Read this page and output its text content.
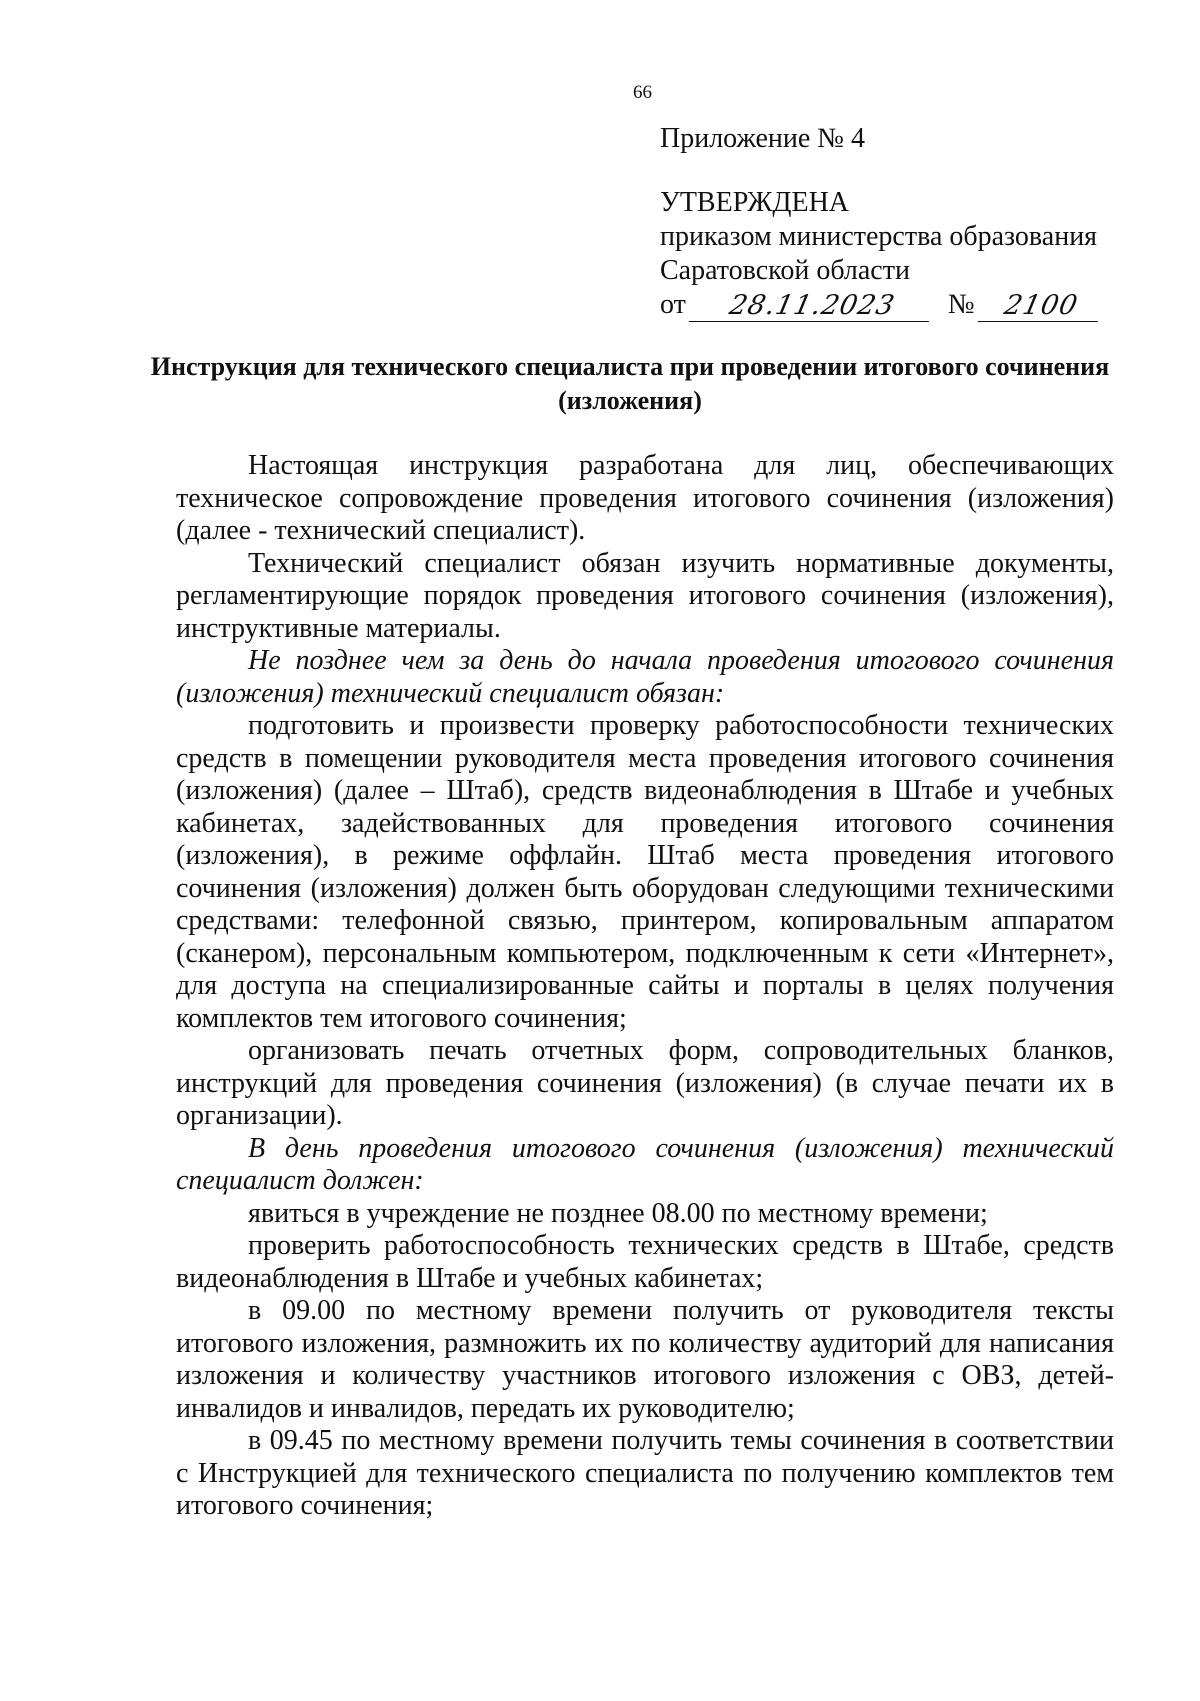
66
Приложение № 4
УТВЕРЖДЕНА
приказом министерства образования
Саратовской области
от	28.11.2023	№ 2100
Инструкция для технического специалиста при проведении итогового сочинения (изложения)

Настоящая инструкция разработана для лиц, обеспечивающих техническое сопровождение проведения итогового сочинения (изложения) (далее - технический специалист).

Технический специалист обязан изучить нормативные документы, регламентирующие порядок проведения итогового сочинения (изложения), инструктивные материалы.

Не позднее чем за день до начала проведения итогового сочинения (изложения) технический специалист обязан:

подготовить и произвести проверку работоспособности технических средств в помещении руководителя места проведения итогового сочинения (изложения) (далее – Штаб), средств видеонаблюдения в Штабе и учебных кабинетах, задействованных для проведения итогового сочинения (изложения), в режиме оффлайн. Штаб места проведения итогового сочинения (изложения) должен быть оборудован следующими техническими средствами: телефонной связью, принтером, копировальным аппаратом (сканером), персональным компьютером, подключенным к сети «Интернет», для доступа на специализированные сайты и порталы в целях получения комплектов тем итогового сочинения;

организовать печать отчетных форм, сопроводительных бланков, инструкций для проведения сочинения (изложения) (в случае печати их в организации).

В день проведения итогового сочинения (изложения) технический специалист должен:

явиться в учреждение не позднее 08.00 по местному времени;

проверить работоспособность технических средств в Штабе, средств видеонаблюдения в Штабе и учебных кабинетах;

в 09.00 по местному времени получить от руководителя тексты итогового изложения, размножить их по количеству аудиторий для написания изложения и количеству участников итогового изложения с ОВЗ, детей-инвалидов и инвалидов, передать их руководителю;

в 09.45 по местному времени получить темы сочинения в соответствии с Инструкцией для технического специалиста по получению комплектов тем итогового сочинения;
